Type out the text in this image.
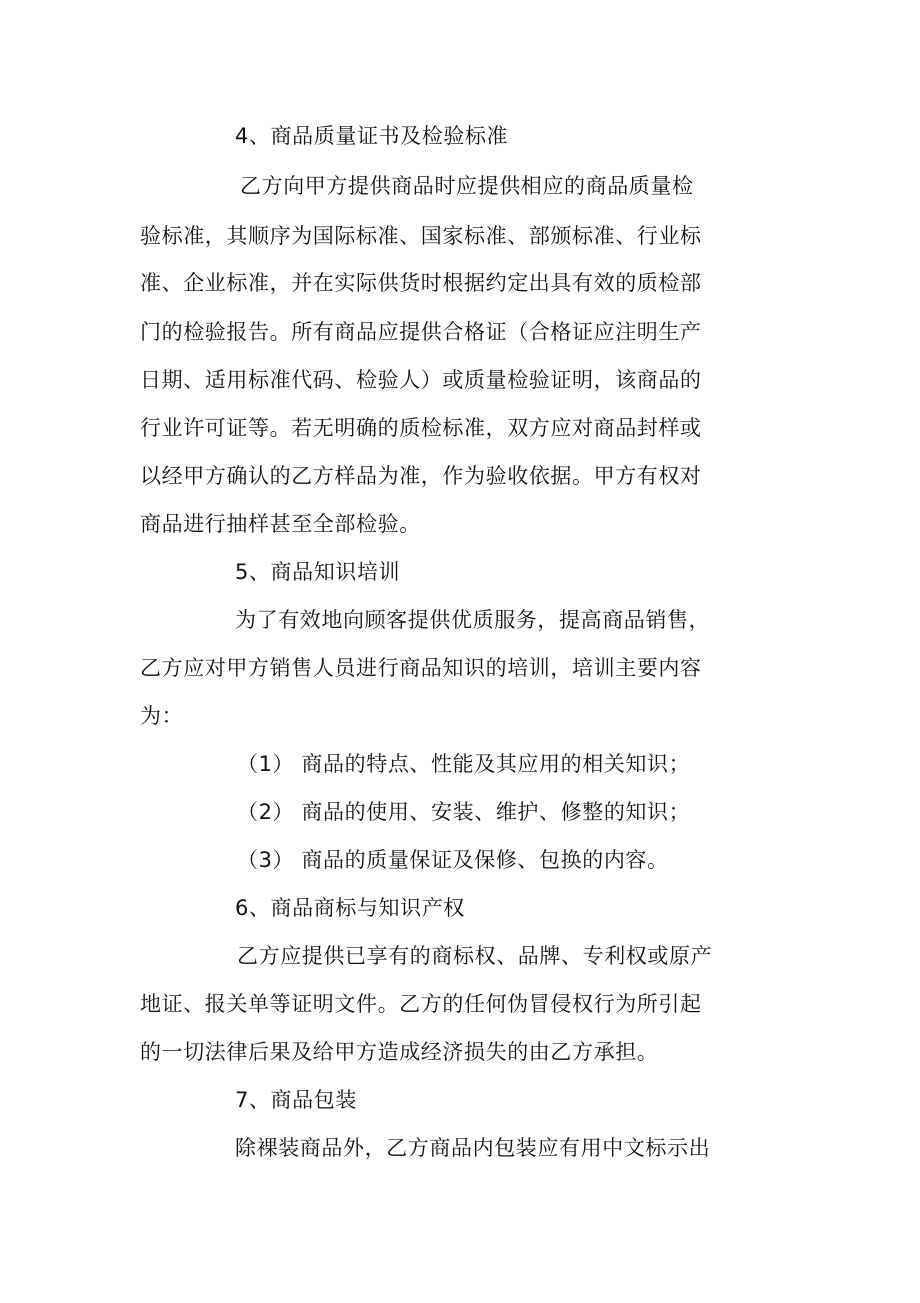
4、商品质量证书及检验标准
乙方向甲方提供商品时应提供相应的商品质量检
验标准，其顺序为国际标准、国家标准、部颁标准、行业标
准、企业标准，并在实际供货时根据约定出具有效的质检部
门的检验报告。所有商品应提供合格证（合格证应注明生产
日期、适用标准代码、检验人）或质量检验证明，该商品的
行业许可证等。若无明确的质检标准，双方应对商品封样或
以经甲方确认的乙方样品为准，作为验收依据。甲方有权对
商品进行抽样甚至全部检验。
5、商品知识培训
为了有效地向顾客提供优质服务，提高商品销售，
乙方应对甲方销售人员进行商品知识的培训，培训主要内容
为：
（1） 商品的特点、性能及其应用的相关知识；
（2） 商品的使用、安装、维护、修整的知识；
（3） 商品的质量保证及保修、包换的内容。
6、商品商标与知识产权
乙方应提供已享有的商标权、品牌、专利权或原产
地证、报关单等证明文件。乙方的任何伪冒侵权行为所引起
的一切法律后果及给甲方造成经济损失的由乙方承担。
7、商品包装
除裸装商品外，乙方商品内包装应有用中文标示出
